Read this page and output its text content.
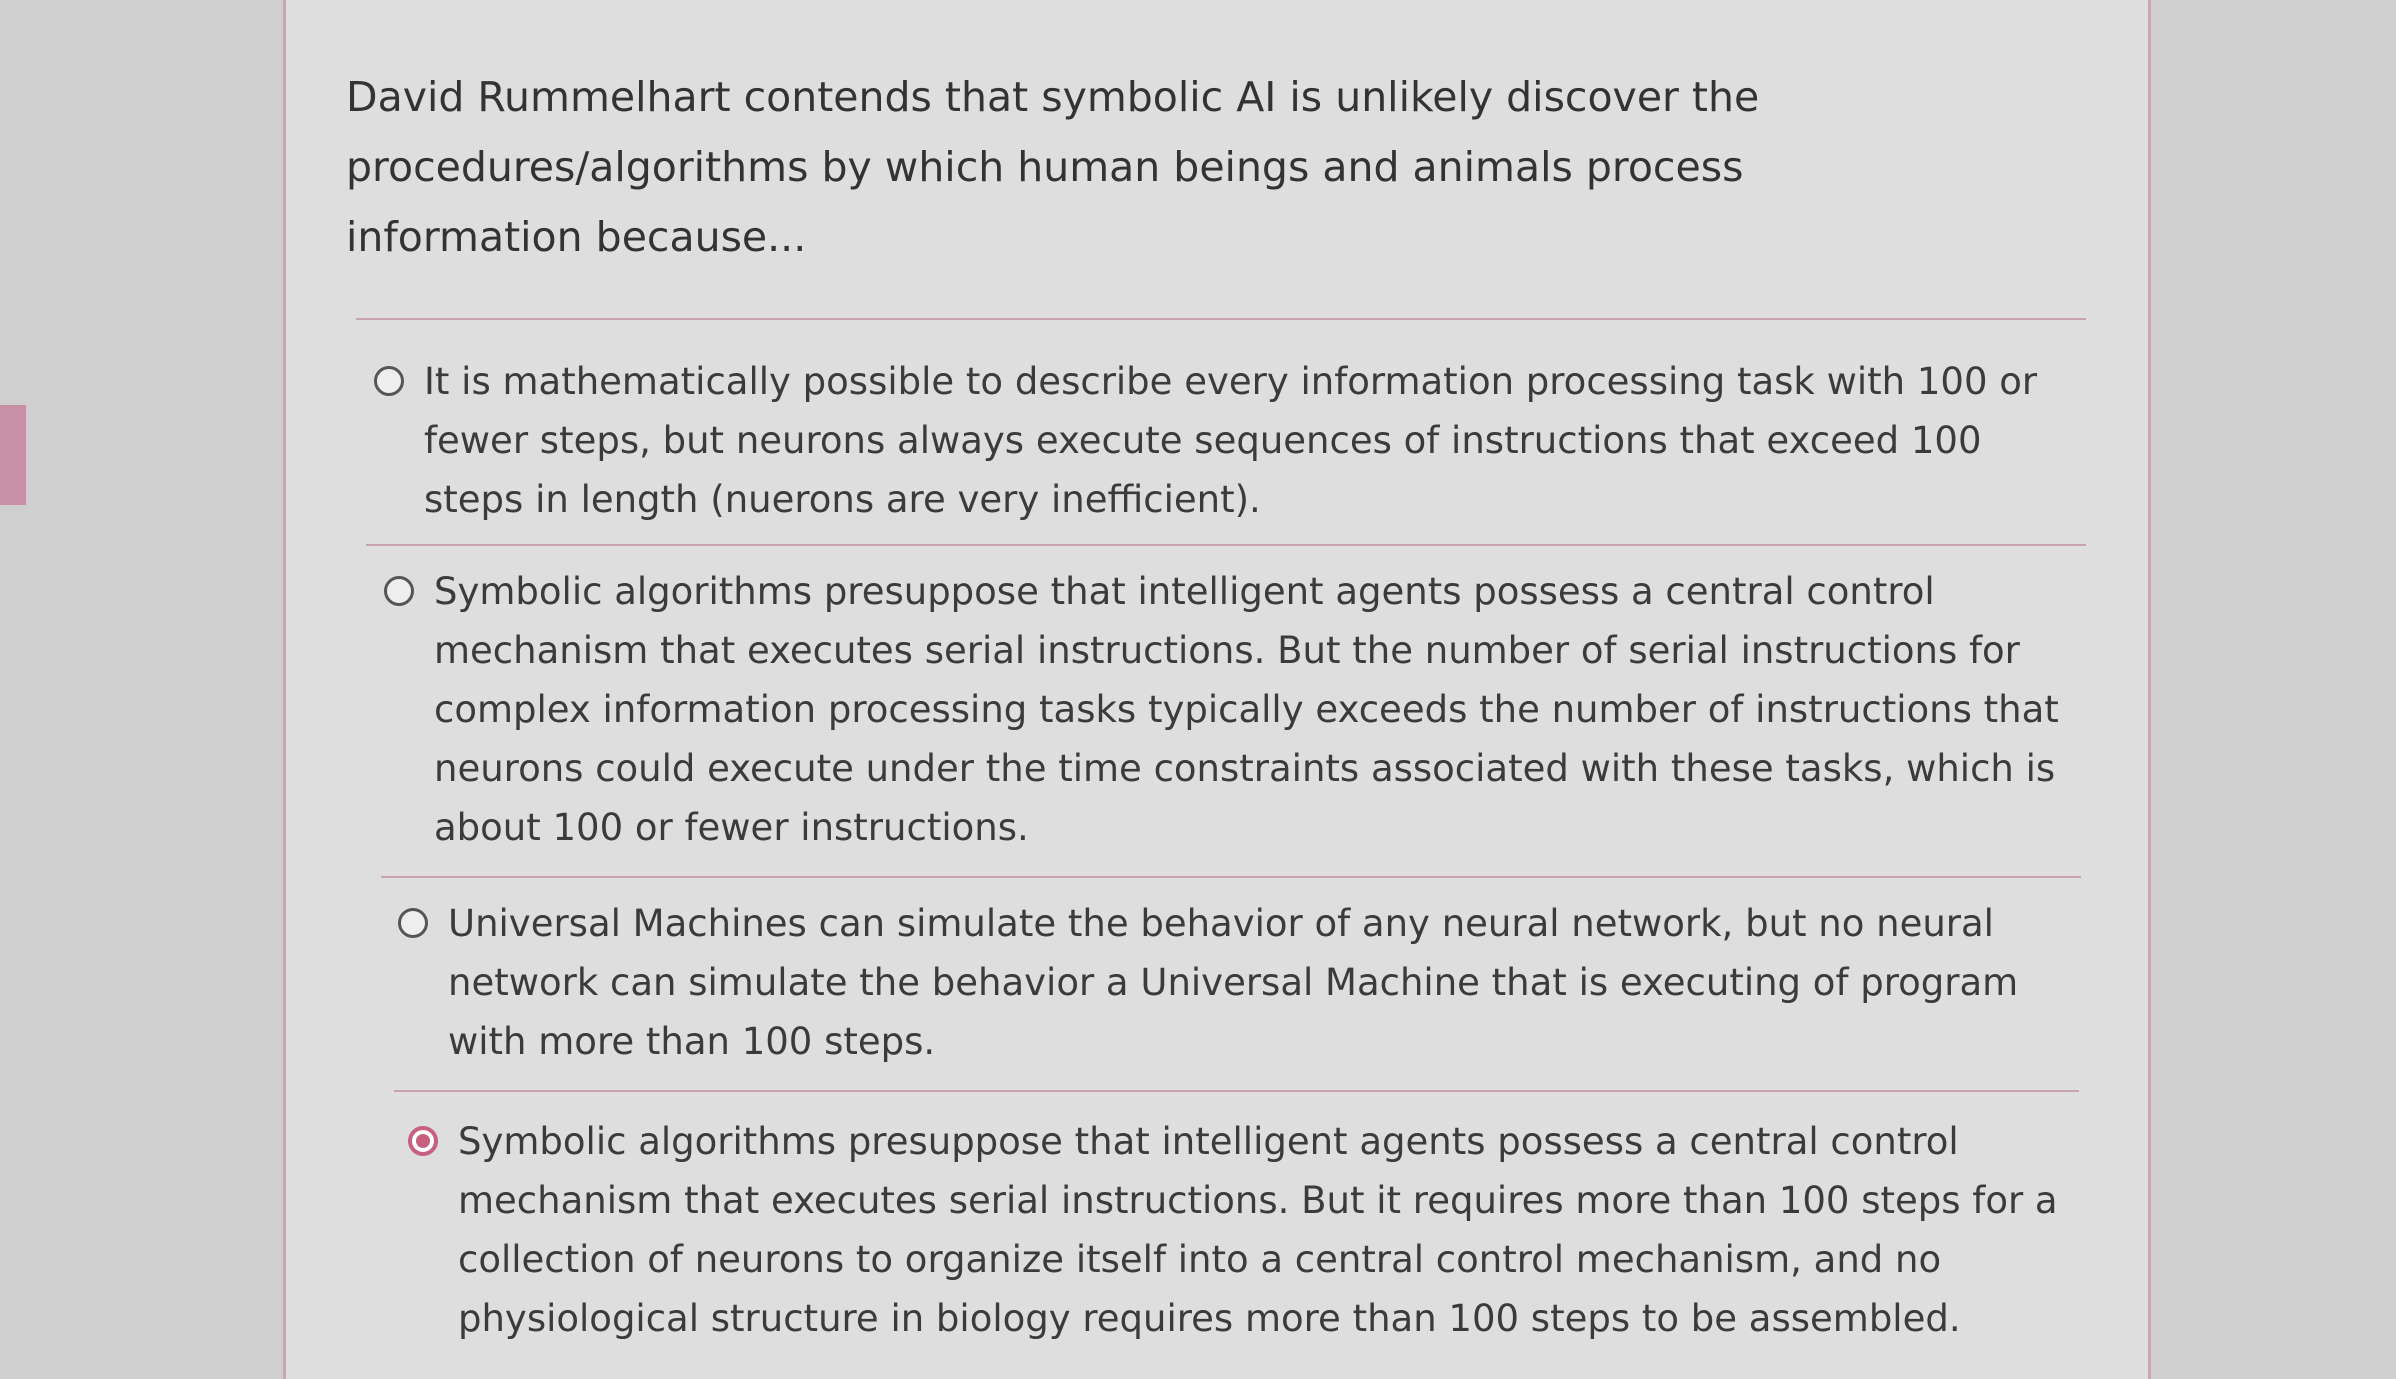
David Rummelhart contends that symbolic AI is unlikely discover the procedures/algorithms by which human beings and animals process information because...
It is mathematically possible to describe every information processing task with 100 or fewer steps, but neurons always execute sequences of instructions that exceed 100 steps in length (nuerons are very inefficient).
Symbolic algorithms presuppose that intelligent agents possess a central control mechanism that executes serial instructions. But the number of serial instructions for complex information processing tasks typically exceeds the number of instructions that neurons could execute under the time constraints associated with these tasks, which is about 100 or fewer instructions.
Universal Machines can simulate the behavior of any neural network, but no neural network can simulate the behavior a Universal Machine that is executing of program with more than 100 steps.
Symbolic algorithms presuppose that intelligent agents possess a central control mechanism that executes serial instructions. But it requires more than 100 steps for a collection of neurons to organize itself into a central control mechanism, and no physiological structure in biology requires more than 100 steps to be assembled.
